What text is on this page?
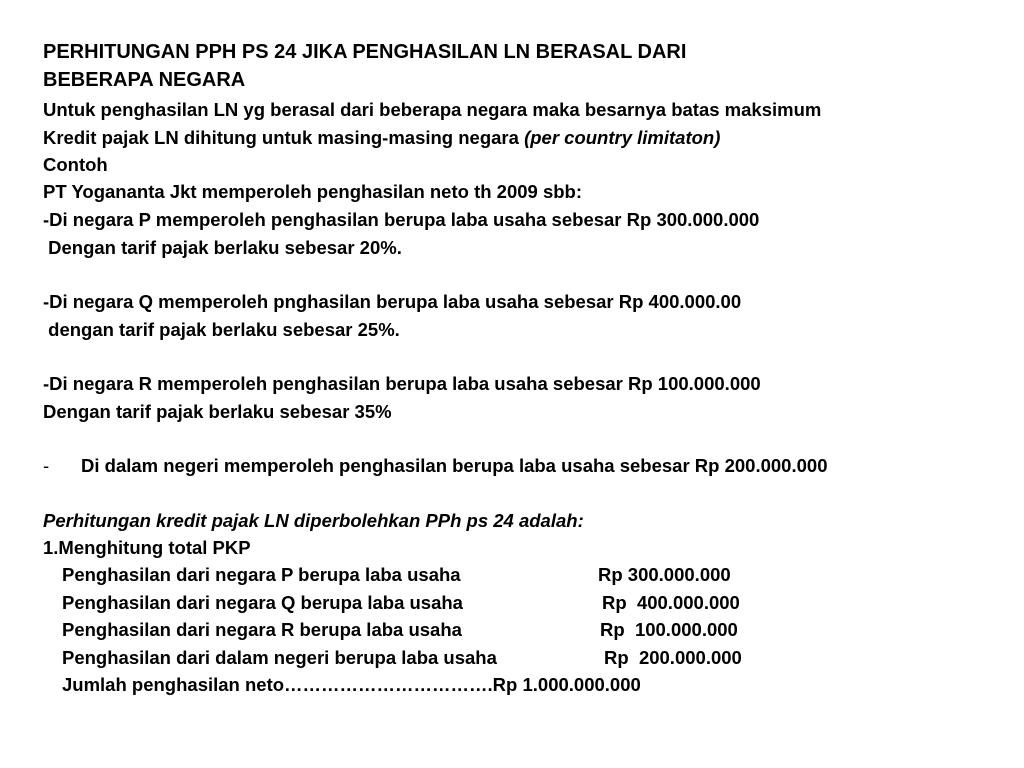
PERHITUNGAN PPH PS 24 JIKA PENGHASILAN LN BERASAL DARI
BEBERAPA NEGARA
Untuk penghasilan LN yg berasal dari beberapa negara maka besarnya batas maksimum
Kredit pajak LN dihitung untuk masing-masing negara (per country limitaton)
Contoh
PT Yogananta Jkt memperoleh penghasilan neto th 2009 sbb:
-Di negara P memperoleh penghasilan berupa laba usaha sebesar Rp 300.000.000
Dengan tarif pajak berlaku sebesar 20%.
-Di negara Q memperoleh pnghasilan berupa laba usaha sebesar Rp 400.000.00
dengan tarif pajak berlaku sebesar 25%.
-Di negara R memperoleh penghasilan berupa laba usaha sebesar Rp 100.000.000
Dengan tarif pajak berlaku sebesar 35%
- Di dalam negeri memperoleh penghasilan berupa laba usaha sebesar Rp 200.000.000
Perhitungan kredit pajak LN diperbolehkan PPh ps 24 adalah:
1.Menghitung total PKP
Penghasilan dari negara P berupa laba usaha	Rp 300.000.000
Penghasilan dari negara Q berupa laba usaha	Rp  400.000.000
Penghasilan dari negara R berupa laba usaha	Rp  100.000.000
Penghasilan dari dalam negeri berupa laba usaha	Rp  200.000.000
Jumlah penghasilan neto…………………………….Rp 1.000.000.000
